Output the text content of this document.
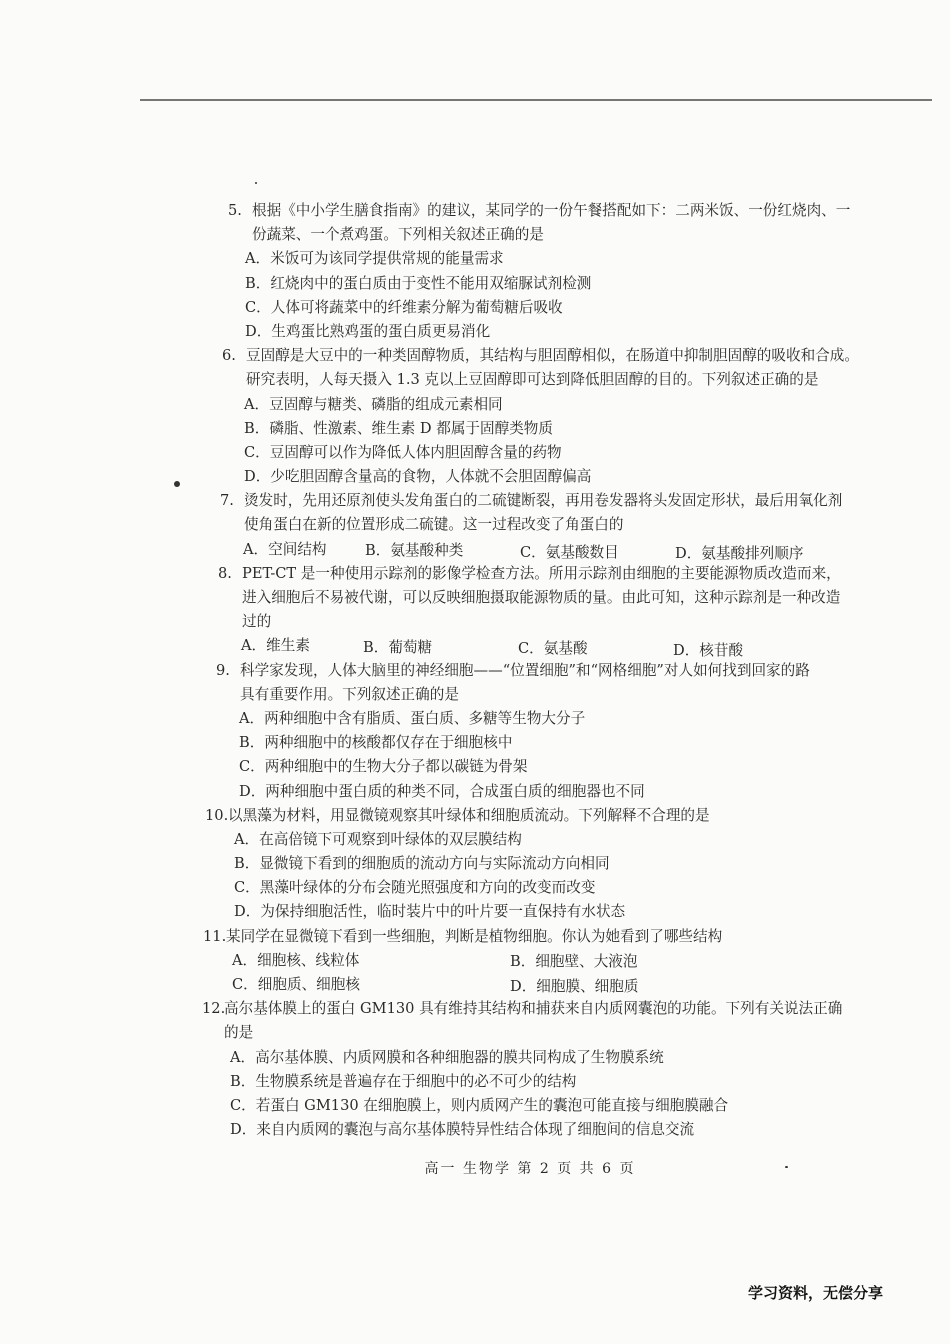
5. 根据《中小学生膳食指南》的建议，某同学的一份午餐搭配如下：二两米饭、一份红烧肉、一
份蔬菜、一个煮鸡蛋。下列相关叙述正确的是
A．米饭可为该同学提供常规的能量需求
B．红烧肉中的蛋白质由于变性不能用双缩脲试剂检测
C．人体可将蔬菜中的纤维素分解为葡萄糖后吸收
D．生鸡蛋比熟鸡蛋的蛋白质更易消化
6. 豆固醇是大豆中的一种类固醇物质，其结构与胆固醇相似，在肠道中抑制胆固醇的吸收和合成。
研究表明，人每天摄入 1.3 克以上豆固醇即可达到降低胆固醇的目的。下列叙述正确的是
A．豆固醇与糖类、磷脂的组成元素相同
B．磷脂、性激素、维生素 D 都属于固醇类物质
C．豆固醇可以作为降低人体内胆固醇含量的药物
D．少吃胆固醇含量高的食物，人体就不会胆固醇偏高
7. 烫发时，先用还原剂使头发角蛋白的二硫键断裂，再用卷发器将头发固定形状，最后用氧化剂
使角蛋白在新的位置形成二硫键。这一过程改变了角蛋白的
A．空间结构	B．氨基酸种类	C．氨基酸数目	D．氨基酸排列顺序
8. PET-CT 是一种使用示踪剂的影像学检查方法。所用示踪剂由细胞的主要能源物质改造而来，
进入细胞后不易被代谢，可以反映细胞摄取能源物质的量。由此可知，这种示踪剂是一种改造
过的
A．维生素	B．葡萄糖	C．氨基酸	D．核苷酸
9. 科学家发现，人体大脑里的神经细胞——“位置细胞”和“网格细胞”对人如何找到回家的路
具有重要作用。下列叙述正确的是
A．两种细胞中含有脂质、蛋白质、多糖等生物大分子
B．两种细胞中的核酸都仅存在于细胞核中
C．两种细胞中的生物大分子都以碳链为骨架
D．两种细胞中蛋白质的种类不同，合成蛋白质的细胞器也不同
10. 以黑藻为材料，用显微镜观察其叶绿体和细胞质流动。下列解释不合理的是
A．在高倍镜下可观察到叶绿体的双层膜结构
B．显微镜下看到的细胞质的流动方向与实际流动方向相同
C．黑藻叶绿体的分布会随光照强度和方向的改变而改变
D．为保持细胞活性，临时装片中的叶片要一直保持有水状态
11. 某同学在显微镜下看到一些细胞，判断是植物细胞。你认为她看到了哪些结构
A．细胞核、线粒体	B．细胞壁、大液泡
C．细胞质、细胞核	D．细胞膜、细胞质
12.
高尔基体膜上的蛋白 GM130 具有维持其结构和捕获来自内质网囊泡的功能。下列有关说法正确
的是
A．高尔基体膜、内质网膜和各种细胞器的膜共同构成了生物膜系统
B．生物膜系统是普遍存在于细胞中的必不可少的结构
C．若蛋白 GM130 在细胞膜上，则内质网产生的囊泡可能直接与细胞膜融合
D．来自内质网的囊泡与高尔基体膜特异性结合体现了细胞间的信息交流
高一 生物学 第 2 页 共 6 页
学习资料，无偿分享
